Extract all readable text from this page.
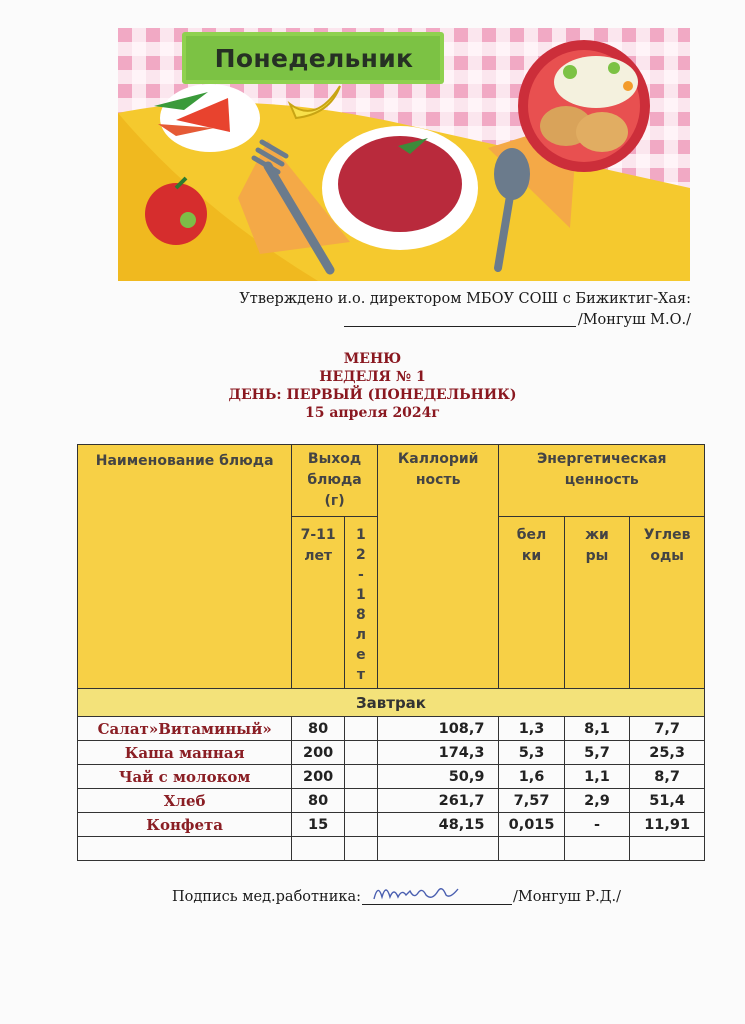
Понедельник
Утверждено и.о. директором МБОУ СОШ с Бижиктиг-Хая:
/Монгуш М.О./
МЕНЮ
НЕДЕЛЯ № 1
ДЕНЬ: ПЕРВЫЙ (ПОНЕДЕЛЬНИК)
15 апреля 2024г
Наименование блюда	Выход блюда (г)		Каллорий ность	Энергетическая ценность		
	7-11 лет	12-18 лет		белки	жиры	Углеводы
Завтрак						
Салат»Витаминый»	80		108,7	1,3	8,1	7,7
Каша манная	200		174,3	5,3	5,7	25,3
Чай с молоком	200		50,9	1,6	1,1	8,7
Хлеб	80		261,7	7,57	2,9	51,4
Конфета	15		48,15	0,015	-	11,91

Подпись мед.работника:	/Монгуш Р.Д./
